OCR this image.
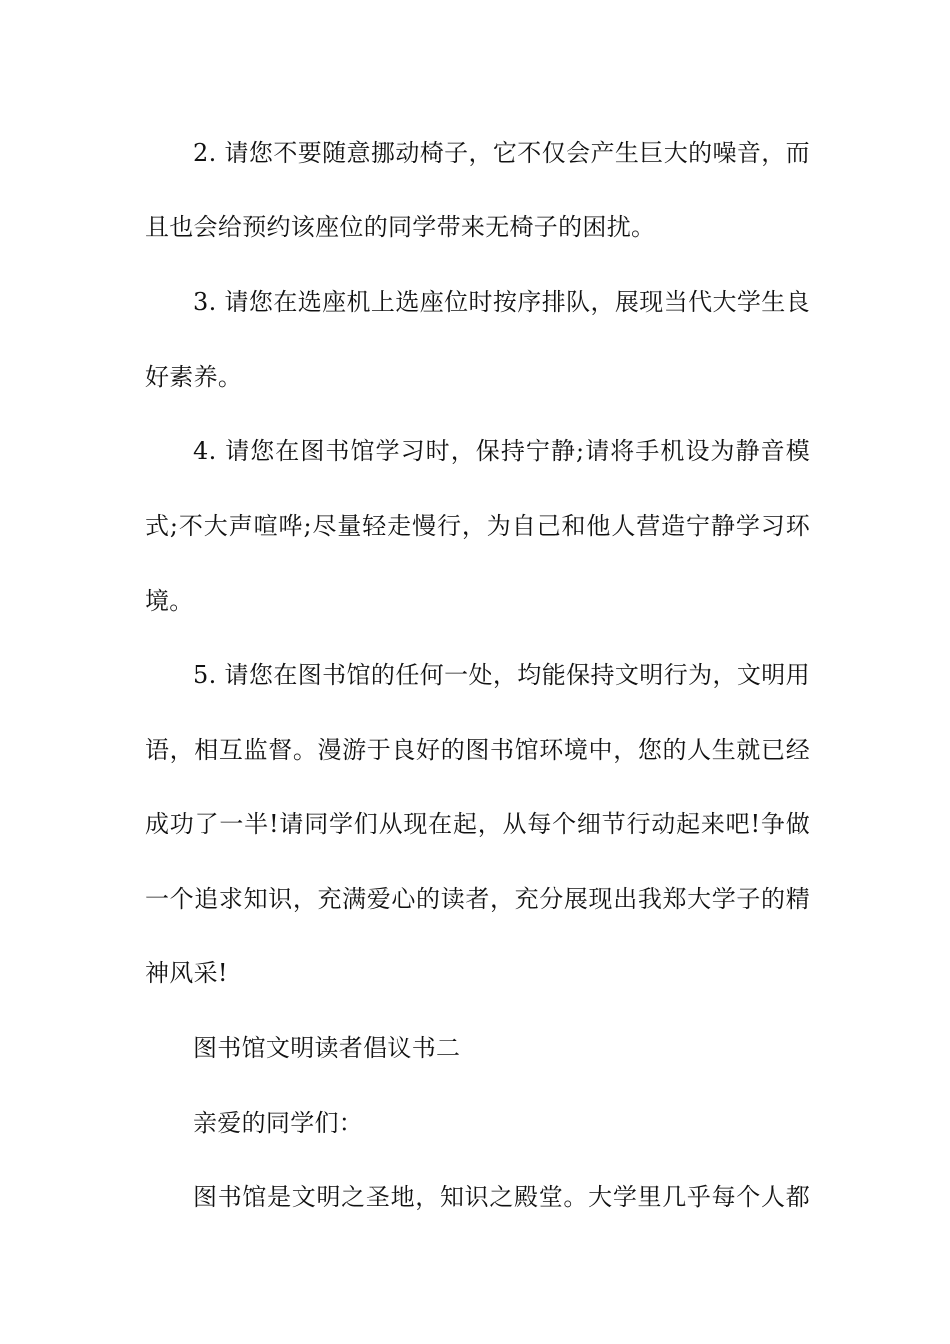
2. 请您不要随意挪动椅子，它不仅会产生巨大的噪音，而

且也会给预约该座位的同学带来无椅子的困扰。

3. 请您在选座机上选座位时按序排队，展现当代大学生良

好素养。

4. 请您在图书馆学习时，保持宁静;请将手机设为静音模

式;不大声喧哗;尽量轻走慢行，为自己和他人营造宁静学习环

境。

5. 请您在图书馆的任何一处，均能保持文明行为，文明用

语，相互监督。漫游于良好的图书馆环境中，您的人生就已经

成功了一半!请同学们从现在起，从每个细节行动起来吧!争做

一个追求知识，充满爱心的读者，充分展现出我郑大学子的精

神风采!

图书馆文明读者倡议书二

亲爱的同学们：

图书馆是文明之圣地，知识之殿堂。大学里几乎每个人都
